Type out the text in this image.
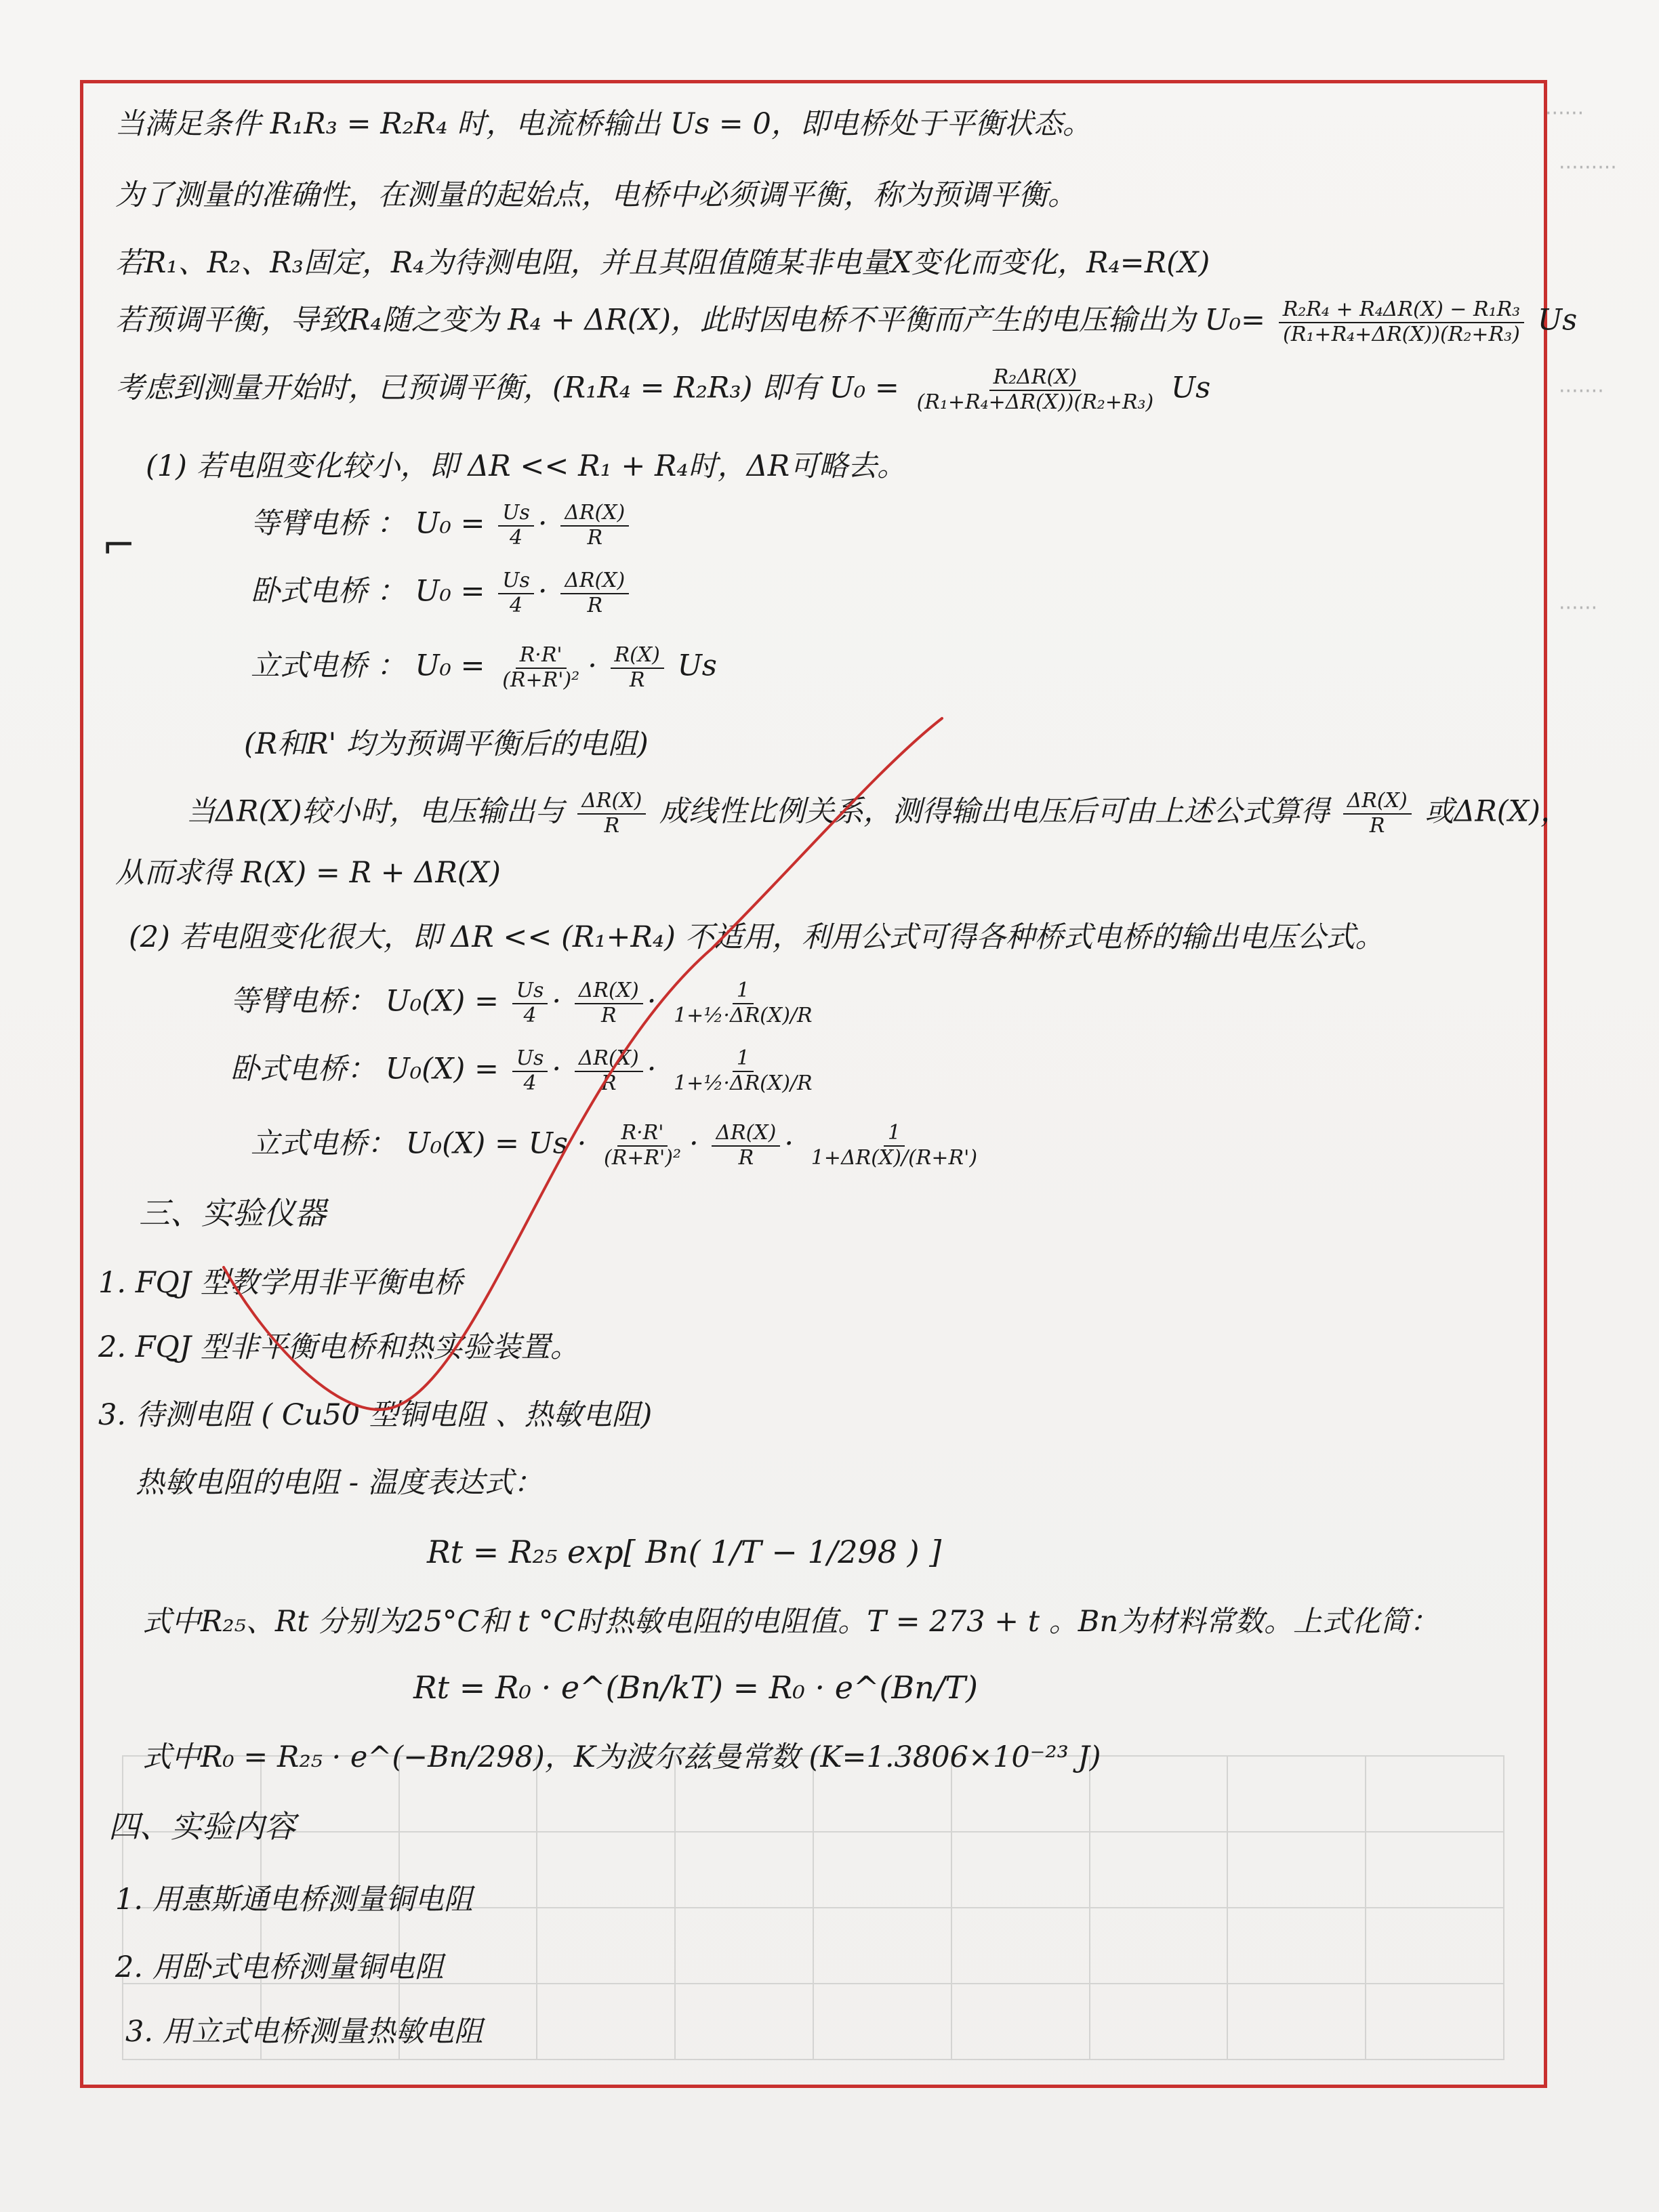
······
·········
·······
······

当满足条件 R₁R₃ = R₂R₄ 时，电流桥输出 Us = 0，即电桥处于平衡状态。
为了测量的准确性，在测量的起始点，电桥中必须调平衡，称为预调平衡。
若R₁、R₂、R₃固定，R₄为待测电阻，并且其阻值随某非电量X变化而变化，R₄=R(X)
若预调平衡，导致R₄随之变为 R₄ + ΔR(X)，此时因电桥不平衡而产生的电压输出为 $U_0= \frac{\text{R₂R₄ + R₄ΔR(X) − R₁R₃}}{\text{(R₁+R₄+ΔR(X))(R₂+R₃)}}$ Us
考虑到测量开始时，已预调平衡，(R₁R₄ = R₂R₃) 即有 $U_0 = \frac{\text{R₂ΔR(X)}}{\text{(R₁+R₄+ΔR(X))(R₂+R₃)}}$ Us
(1) 若电阻变化较小，即 ΔR << R₁ + R₄时，ΔR可略去。
等臂电桥 ： $U_0 = \frac{Us}{4} \cdot \frac{\Delta R(X)}{R}$
卧式电桥 ： $U_0 = \frac{Us}{4} \cdot \frac{\Delta R(X)}{R}$
立式电桥 ： $U_0 = \frac{R\cdot R'}{\text{(R+R')²}} \cdot \frac{R(X)}{R}$ Us
(R和R' 均为预调平衡后的电阻)
当ΔR(X)较小时，电压输出与 $\frac{\Delta R(X)}{R}$ 成线性比例关系，测得输出电压后可由上述公式算得 $\frac{\Delta R(X)}{R}$ 或ΔR(X)，
从而求得 R(X) = R + ΔR(X)
(2) 若电阻变化很大，即 ΔR << (R₁+R₄) 不适用，利用公式可得各种桥式电桥的输出电压公式。
等臂电桥： $U_0(X) = \frac{Us}{4} \cdot \frac{\Delta R(X)}{R} \cdot \frac{1}{\text{1+½·ΔR(X)/R}}$
卧式电桥： $U_0(X) = \frac{Us}{4} \cdot \frac{\Delta R(X)}{R} \cdot \frac{1}{\text{1+½·ΔR(X)/R}}$
立式电桥： $U_0(X) = Us \cdot \frac{R\cdot R'}{\text{(R+R')²}} \cdot \frac{\Delta R(X)}{R} \cdot \frac{1}{1+\Delta R(X)/(R+R')}$
三、实验仪器
1. FQJ 型教学用非平衡电桥
2. FQJ 型非平衡电桥和热实验装置。
3. 待测电阻 ( Cu50 型铜电阻 、热敏电阻)
热敏电阻的电阻 - 温度表达式：
Rt = R₂₅ exp[ Bn( 1/T − 1/298 ) ]
式中R₂₅、Rt 分别为25°C和 t °C时热敏电阻的电阻值。T = 273 + t 。Bn为材料常数。上式化简：
Rt = R₀ · e^(Bn/kT) = R₀ · e^(Bn/T)
式中R₀ = R₂₅ · e^(−Bn/298)，K为波尔兹曼常数 (K=1.3806×10⁻²³ J)
四、实验内容
1. 用惠斯通电桥测量铜电阻
2. 用卧式电桥测量铜电阻
3. 用立式电桥测量热敏电阻
⌐
